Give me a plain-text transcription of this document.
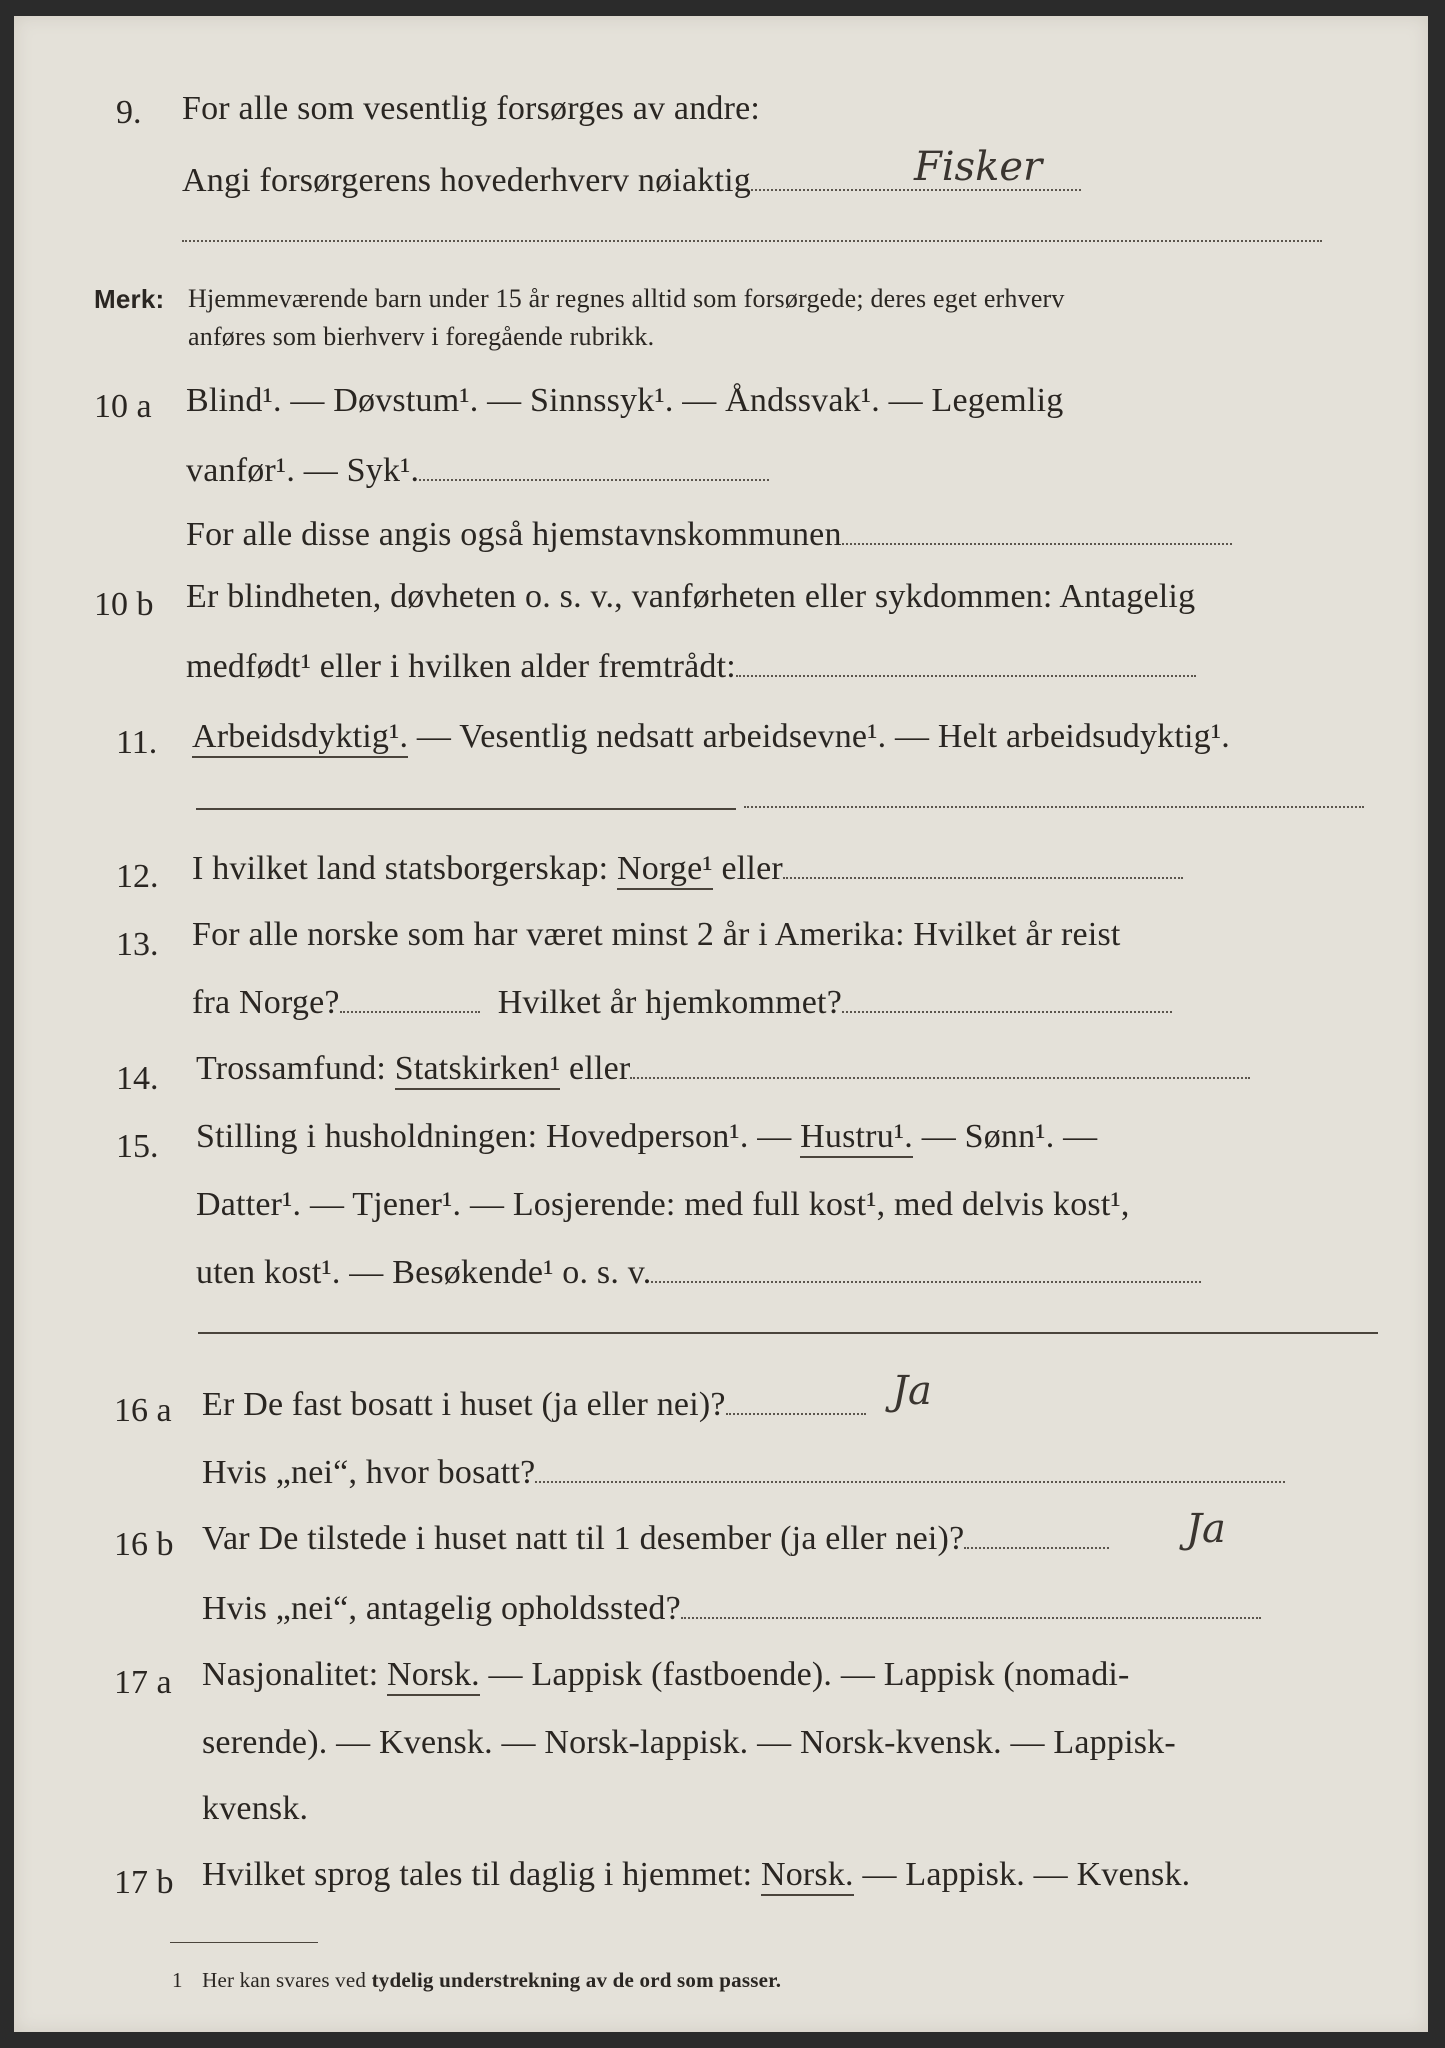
9. For alle som vesentlig forsørges av andre:
Angi forsørgerens hovederhverv nøiaktig	Fisker
Merk: Hjemmeværende barn under 15 år regnes alltid som forsørgede; deres eget erhverv
anføres som bierhverv i foregående rubrikk.
10 a Blind¹. — Døvstum¹. — Sinnssyk¹. — Åndssvak¹. — Legemlig
vanfør¹. — Syk¹.
For alle disse angis også hjemstavnskommunen
10 b Er blindheten, døvheten o. s. v., vanførheten eller sykdommen: Antagelig
medfødt¹ eller i hvilken alder fremtrådt:
11. Arbeidsdyktig¹. — Vesentlig nedsatt arbeidsevne¹. — Helt arbeidsudyktig¹.
12. I hvilket land statsborgerskap: Norge¹ eller
13. For alle norske som har været minst 2 år i Amerika: Hvilket år reist
fra Norge?	Hvilket år hjemkommet?
14. Trossamfund: Statskirken¹ eller
15. Stilling i husholdningen: Hovedperson¹. — Hustru¹. — Sønn¹. —
Datter¹. — Tjener¹. — Losjerende: med full kost¹, med delvis kost¹,
uten kost¹. — Besøkende¹ o. s. v.
16 a Er De fast bosatt i huset (ja eller nei)?	Ja
Hvis „nei“, hvor bosatt?
16 b Var De tilstede i huset natt til 1 desember (ja eller nei)?	Ja
Hvis „nei“, antagelig opholdssted?
17 a Nasjonalitet: Norsk. — Lappisk (fastboende). — Lappisk (nomadi-
serende). — Kvensk. — Norsk-lappisk. — Norsk-kvensk. — Lappisk-
kvensk.
17 b Hvilket sprog tales til daglig i hjemmet: Norsk. — Lappisk. — Kvensk.
1 Her kan svares ved tydelig understrekning av de ord som passer.
